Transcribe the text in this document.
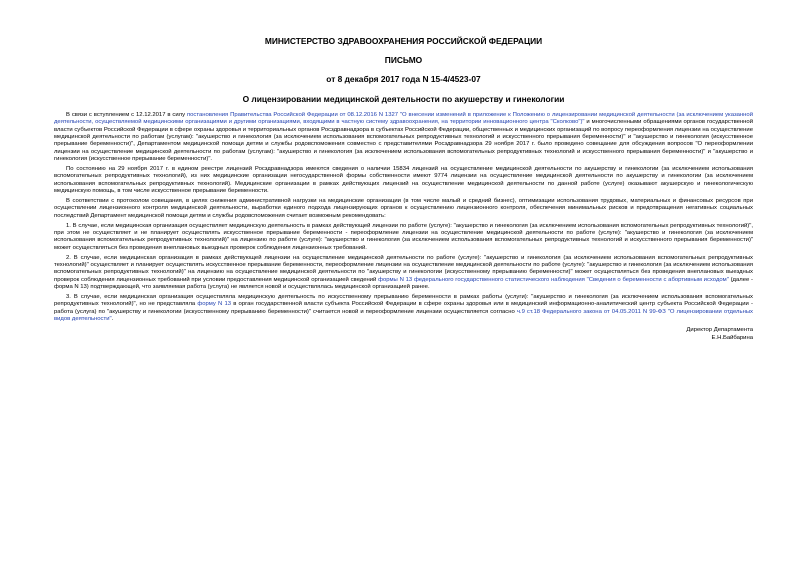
МИНИСТЕРСТВО ЗДРАВООХРАНЕНИЯ РОССИЙСКОЙ ФЕДЕРАЦИИ
ПИСЬМО
от 8 декабря 2017 года N 15-4/4523-07
О лицензировании медицинской деятельности по акушерству и гинекологии

В связи с вступлением с 12.12.2017 в силу постановления Правительства Российской Федерации от 08.12.2016 N 1327 "О внесении изменений в приложение к Положению о лицензировании медицинской деятельности (за исключением указанной деятельности, осуществляемой медицинскими организациями и другими организациями, входящими в частную систему здравоохранения, на территории инновационного центра "Сколково")" и многочисленными обращениями органов государственной власти субъектов Российской Федерации в сфере охраны здоровья и территориальных органов Росздравнадзора в субъектах Российской Федерации, общественных и медицинских организаций по вопросу переоформления лицензии на осуществление медицинской деятельности по работам (услугам): "акушерство и гинекология (за исключением использования вспомогательных репродуктивных технологий и искусственного прерывания беременности)" и "акушерство и гинекология (искусственное прерывание беременности)", Департаментом медицинской помощи детям и службы родовспоможения совместно с представителями Росздравнадзора 29 ноября 2017 г. было проведено совещание для обсуждения вопросов "О переоформлении лицензии на осуществление медицинской деятельности по работам (услугам): "акушерство и гинекология (за исключением использования вспомогательных репродуктивных технологий и искусственного прерывания беременности)" и "акушерство и гинекология (искусственное прерывание беременности)".

По состоянию на 29 ноября 2017 г. в едином реестре лицензий Росздравнадзора имеются сведения о наличии 15834 лицензий на осуществление медицинской деятельности по акушерству и гинекологии (за исключением использования вспомогательных репродуктивных технологий), из них медицинские организации негосударственной формы собственности имеют 9774 лицензии на осуществление медицинской деятельности по акушерству и гинекологии (за исключением использования вспомогательных репродуктивных технологий). Медицинские организации в рамках действующих лицензий на осуществление медицинской деятельности по данной работе (услуге) оказывают акушерскую и гинекологическую медицинскую помощь, в том числе искусственное прерывание беременности.

В соответствии с протоколом совещания, в целях снижения административной нагрузки на медицинские организации (в том числе малый и средний бизнес), оптимизации использования трудовых, материальных и финансовых ресурсов при осуществлении лицензионного контроля медицинской деятельности, выработки единого подхода лицензирующих органов к осуществлению лицензионного контроля, обеспечения минимальных рисков и предотвращения негативных социальных последствий Департамент медицинской помощи детям и службы родовспоможения считает возможным рекомендовать:

1. В случае, если медицинская организация осуществляет медицинскую деятельность в рамках действующей лицензии по работе (услуге): "акушерство и гинекология (за исключением использования вспомогательных репродуктивных технологий)", при этом не осуществляет и не планирует осуществлять искусственное прерывание беременности - переоформление лицензии на осуществление медицинской деятельности по работе (услуге): "акушерство и гинекология (за исключением использования вспомогательных репродуктивных технологий)" на лицензию по работе (услуге): "акушерство и гинекология (за исключением использования вспомогательных репродуктивных технологий и искусственного прерывания беременности)" может осуществляться без проведения внеплановых выездных проверок соблюдения лицензионных требований.

2. В случае, если медицинская организация в рамках действующей лицензии на осуществление медицинской деятельности по работе (услуге): "акушерство и гинекология (за исключением использования вспомогательных репродуктивных технологий)" осуществляет и планирует осуществлять искусственное прерывание беременности, переоформление лицензии на осуществление медицинской деятельности по работе (услуге): "акушерство и гинекология (за исключением использования вспомогательных репродуктивных технологий)" на лицензию на осуществление медицинской деятельности по "акушерству и гинекологии (искусственному прерыванию беременности)" может осуществляться без проведения внеплановых выездных проверок соблюдения лицензионных требований при условии предоставления медицинской организацией сведений формы N 13 федерального государственного статистического наблюдения "Сведения о беременности с абортивным исходом" (далее - форма N 13) подтверждающей, что заявляемая работа (услуга) не является новой и осуществлялась медицинской организацией ранее.

3. В случае, если медицинская организация осуществляла медицинскую деятельность по искусственному прерыванию беременности в рамках работы (услуги): "акушерство и гинекология (за исключением использования вспомогательных репродуктивных технологий)", но не представляла форму N 13 в орган государственной власти субъекта Российской Федерации в сфере охраны здоровья или в медицинский информационно-аналитический центр субъекта Российской Федерации - работа (услуга) по "акушерству и гинекологии (искусственному прерыванию беременности)" считается новой и переоформление лицензии осуществляется согласно ч.9 ст.18 Федерального закона от 04.05.2011 N 99-ФЗ "О лицензировании отдельных видов деятельности".

Директор Департамента
Е.Н.Байбарина
